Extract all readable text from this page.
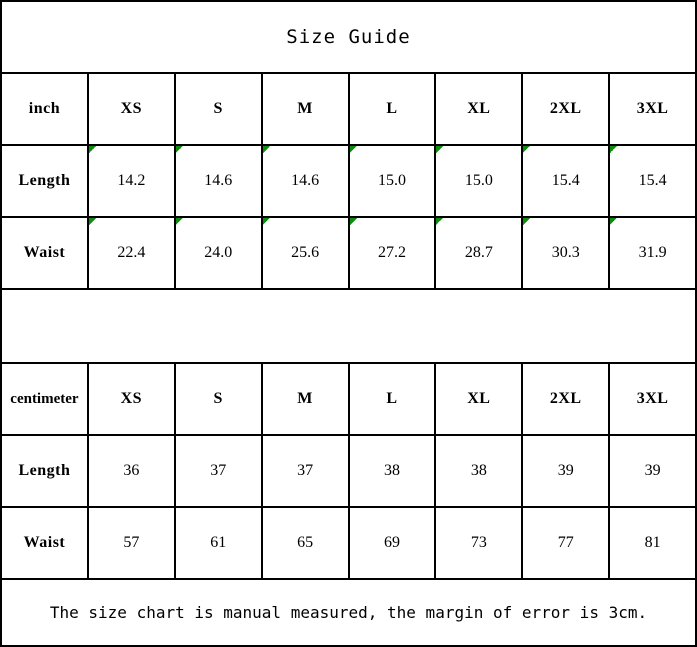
Size Guide							
inch	XS	S	M	L	XL	2XL	3XL
Length	14.2	14.6	14.6	15.0	15.0	15.4	15.4
Waist	22.4	24.0	25.6	27.2	28.7	30.3	31.9

centimeter	XS	S	M	L	XL	2XL	3XL
Length	36	37	37	38	38	39	39
Waist	57	61	65	69	73	77	81
The size chart is manual measured, the margin of error is 3cm.							
